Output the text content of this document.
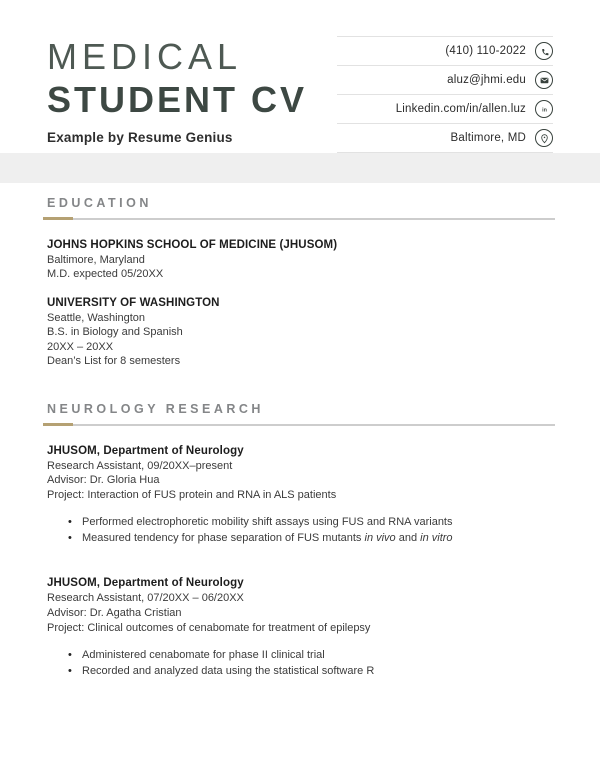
MEDICAL
STUDENT CV
Example by Resume Genius
(410) 110-2022
aluz@jhmi.edu
Linkedin.com/in/allen.luz in
Baltimore, MD
EDUCATION
JOHNS HOPKINS SCHOOL OF MEDICINE (JHUSOM)
Baltimore, Maryland
M.D. expected 05/20XX
UNIVERSITY OF WASHINGTON
Seattle, Washington
B.S. in Biology and Spanish
20XX – 20XX
Dean’s List for 8 semesters
NEUROLOGY RESEARCH
JHUSOM, Department of Neurology
Research Assistant, 09/20XX–present
Advisor: Dr. Gloria Hua
Project: Interaction of FUS protein and RNA in ALS patients
• Performed electrophoretic mobility shift assays using FUS and RNA variants
• Measured tendency for phase separation of FUS mutants in vivo and in vitro
JHUSOM, Department of Neurology
Research Assistant, 07/20XX – 06/20XX
Advisor: Dr. Agatha Cristian
Project: Clinical outcomes of cenabomate for treatment of epilepsy
• Administered cenabomate for phase II clinical trial
• Recorded and analyzed data using the statistical software R
